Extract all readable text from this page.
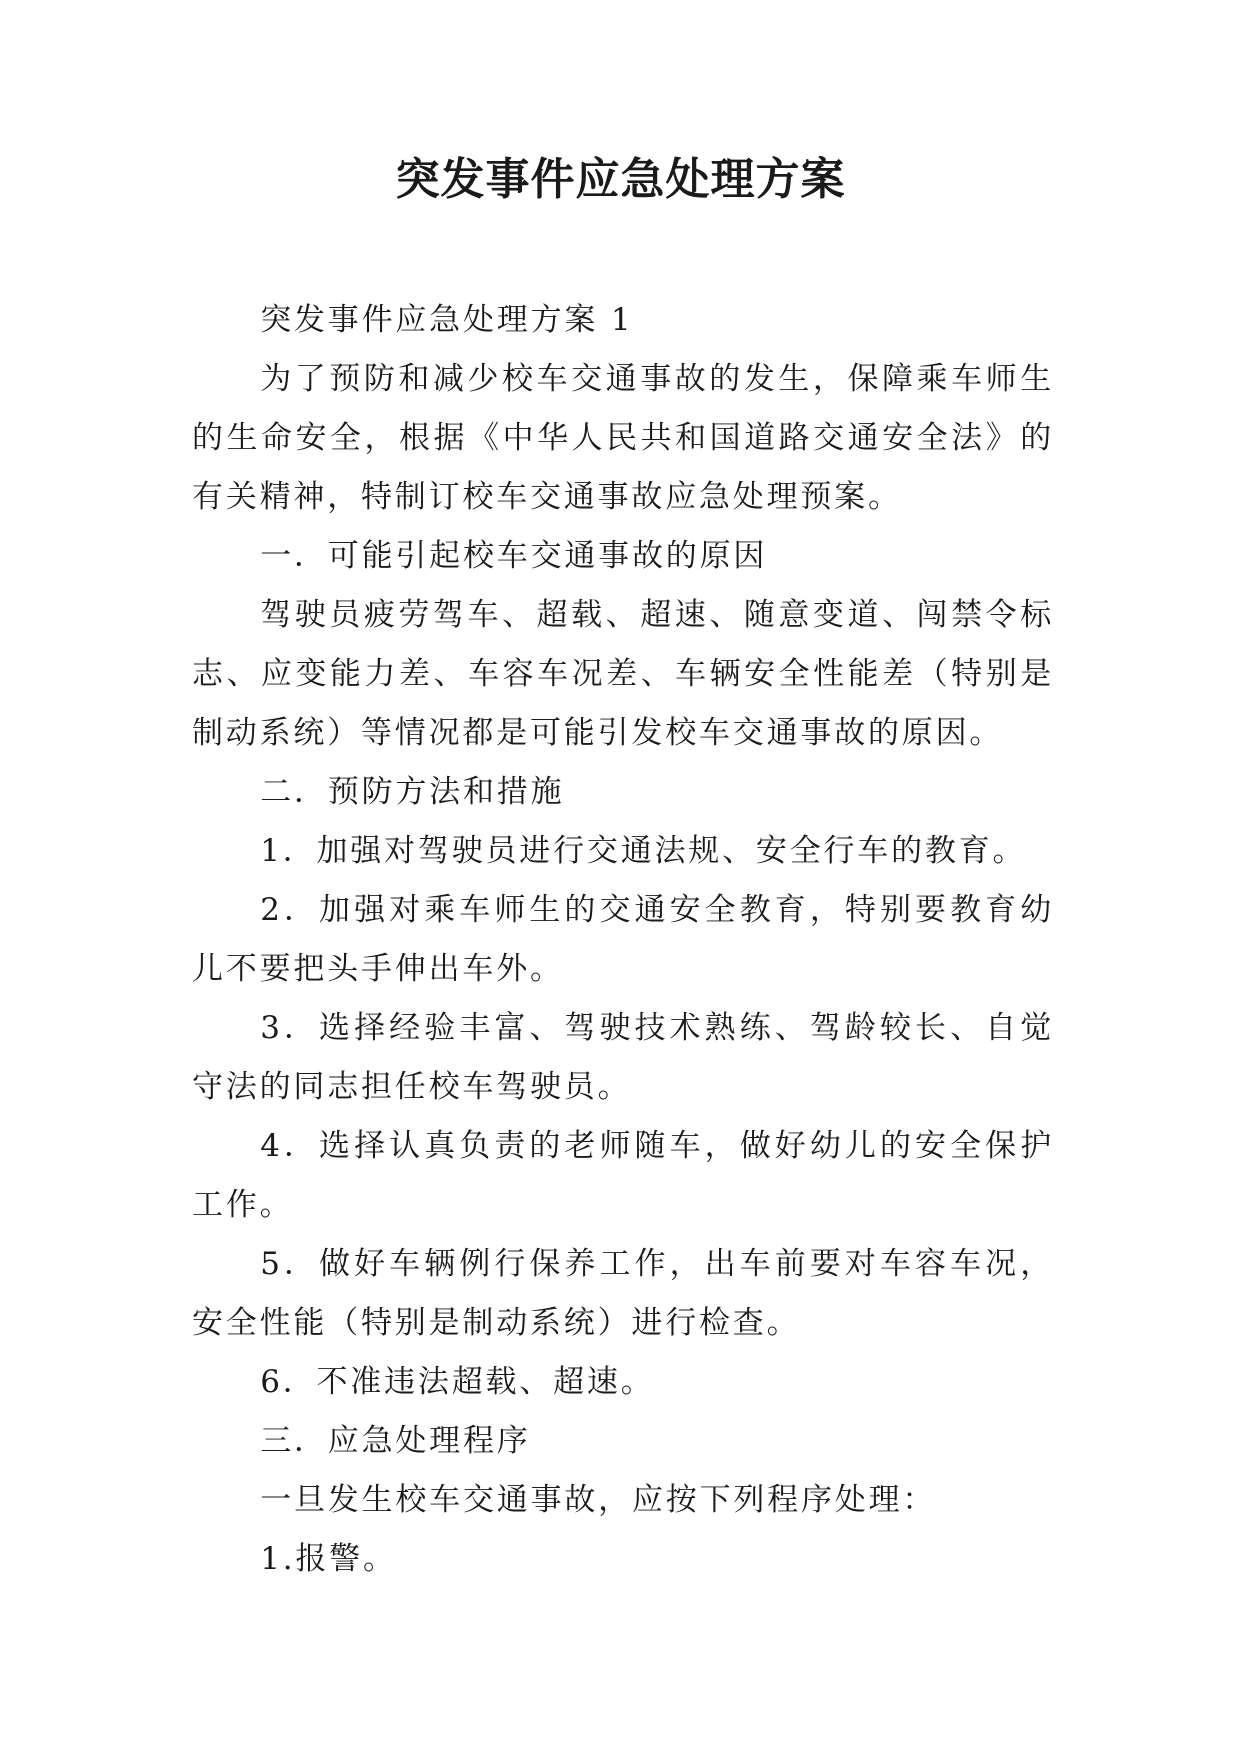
突发事件应急处理方案

突发事件应急处理方案 1

为了预防和减少校车交通事故的发生，保障乘车师生的生命安全，根据《中华人民共和国道路交通安全法》的有关精神，特制订校车交通事故应急处理预案。

一．可能引起校车交通事故的原因

驾驶员疲劳驾车、超载、超速、随意变道、闯禁令标志、应变能力差、车容车况差、车辆安全性能差（特别是制动系统）等情况都是可能引发校车交通事故的原因。

二．预防方法和措施

1．加强对驾驶员进行交通法规、安全行车的教育。

2．加强对乘车师生的交通安全教育，特别要教育幼儿不要把头手伸出车外。

3．选择经验丰富、驾驶技术熟练、驾龄较长、自觉守法的同志担任校车驾驶员。

4．选择认真负责的老师随车，做好幼儿的安全保护工作。

5．做好车辆例行保养工作，出车前要对车容车况，安全性能（特别是制动系统）进行检查。

6．不准违法超载、超速。

三．应急处理程序

一旦发生校车交通事故，应按下列程序处理：

1.报警。
